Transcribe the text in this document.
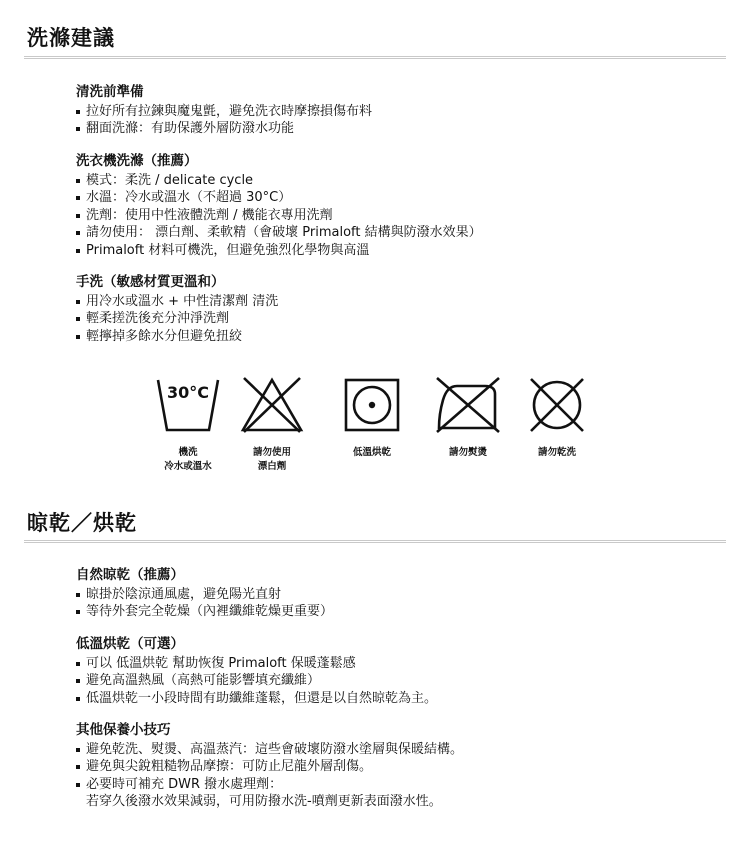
洗滌建議
清洗前準備
拉好所有拉鍊與魔鬼氈，避免洗衣時摩擦損傷布料
翻面洗滌：有助保護外層防潑水功能
洗衣機洗滌（推薦）
模式：柔洗 / delicate cycle
水溫：冷水或溫水（不超過 30°C）
洗劑：使用中性液體洗劑 / 機能衣專用洗劑
請勿使用： 漂白劑、柔軟精（會破壞 Primaloft 結構與防潑水效果）
Primaloft 材料可機洗，但避免強烈化學物與高溫
手洗（敏感材質更溫和）
用冷水或溫水 + 中性清潔劑 清洗
輕柔搓洗後充分沖淨洗劑
輕擰掉多餘水分但避免扭絞
30°C
機洗
冷水或溫水
請勿使用
漂白劑
低溫烘乾	請勿熨燙	請勿乾洗
晾乾／烘乾
自然晾乾（推薦）
晾掛於陰涼通風處，避免陽光直射
等待外套完全乾燥（內裡纖維乾燥更重要）
低溫烘乾（可選）
可以 低溫烘乾 幫助恢復 Primaloft 保暖蓬鬆感
避免高溫熱風（高熱可能影響填充纖維）
低溫烘乾一小段時間有助纖維蓬鬆，但還是以自然晾乾為主。
其他保養小技巧
避免乾洗、熨燙、高溫蒸汽：這些會破壞防潑水塗層與保暖結構。
避免與尖銳粗糙物品摩擦：可防止尼龍外層刮傷。
必要時可補充 DWR 撥水處理劑：
若穿久後潑水效果減弱，可用防撥水洗-噴劑更新表面潑水性。
